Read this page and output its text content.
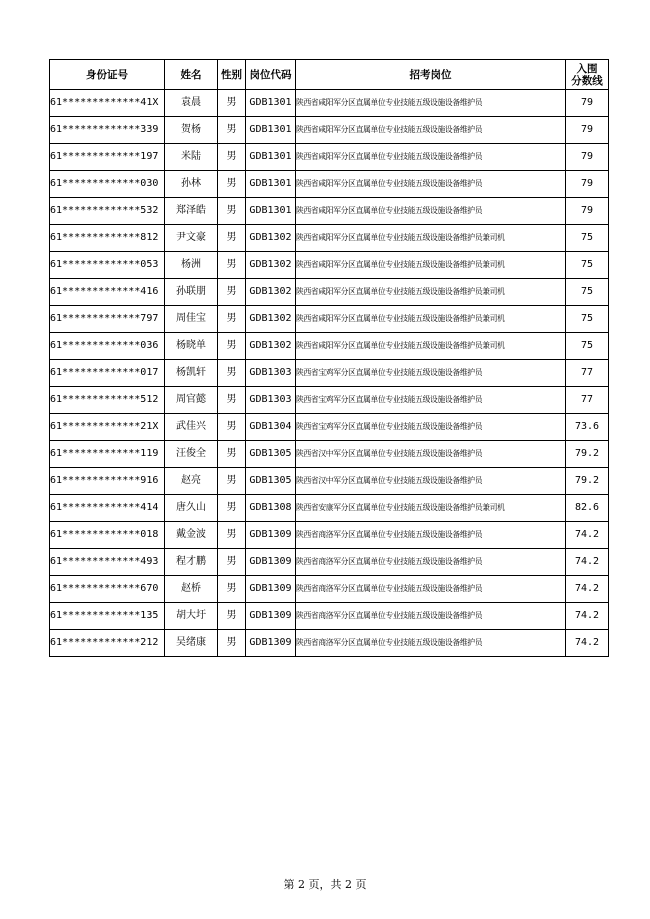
身份证号	姓名	性别	岗位代码	招考岗位	入围
分数线
61*************41X	袁晨	男	GDB1301	陕西省咸阳军分区直属单位专业技能五级设施设备维护员	79
61*************339	贺杨	男	GDB1301	陕西省咸阳军分区直属单位专业技能五级设施设备维护员	79
61*************197	米陆	男	GDB1301	陕西省咸阳军分区直属单位专业技能五级设施设备维护员	79
61*************030	孙林	男	GDB1301	陕西省咸阳军分区直属单位专业技能五级设施设备维护员	79
61*************532	郑泽皓	男	GDB1301	陕西省咸阳军分区直属单位专业技能五级设施设备维护员	79
61*************812	尹文豪	男	GDB1302	陕西省咸阳军分区直属单位专业技能五级设施设备维护员兼司机	75
61*************053	杨洲	男	GDB1302	陕西省咸阳军分区直属单位专业技能五级设施设备维护员兼司机	75
61*************416	孙联朋	男	GDB1302	陕西省咸阳军分区直属单位专业技能五级设施设备维护员兼司机	75
61*************797	周佳宝	男	GDB1302	陕西省咸阳军分区直属单位专业技能五级设施设备维护员兼司机	75
61*************036	杨晓单	男	GDB1302	陕西省咸阳军分区直属单位专业技能五级设施设备维护员兼司机	75
61*************017	杨凯轩	男	GDB1303	陕西省宝鸡军分区直属单位专业技能五级设施设备维护员	77
61*************512	周官懿	男	GDB1303	陕西省宝鸡军分区直属单位专业技能五级设施设备维护员	77
61*************21X	武佳兴	男	GDB1304	陕西省宝鸡军分区直属单位专业技能五级设施设备维护员	73.6
61*************119	汪俊全	男	GDB1305	陕西省汉中军分区直属单位专业技能五级设施设备维护员	79.2
61*************916	赵亮	男	GDB1305	陕西省汉中军分区直属单位专业技能五级设施设备维护员	79.2
61*************414	唐久山	男	GDB1308	陕西省安康军分区直属单位专业技能五级设施设备维护员兼司机	82.6
61*************018	戴金波	男	GDB1309	陕西省商洛军分区直属单位专业技能五级设施设备维护员	74.2
61*************493	程才鹏	男	GDB1309	陕西省商洛军分区直属单位专业技能五级设施设备维护员	74.2
61*************670	赵桥	男	GDB1309	陕西省商洛军分区直属单位专业技能五级设施设备维护员	74.2
61*************135	胡大圩	男	GDB1309	陕西省商洛军分区直属单位专业技能五级设施设备维护员	74.2
61*************212	吴绪康	男	GDB1309	陕西省商洛军分区直属单位专业技能五级设施设备维护员	74.2
第 2 页，共 2 页
